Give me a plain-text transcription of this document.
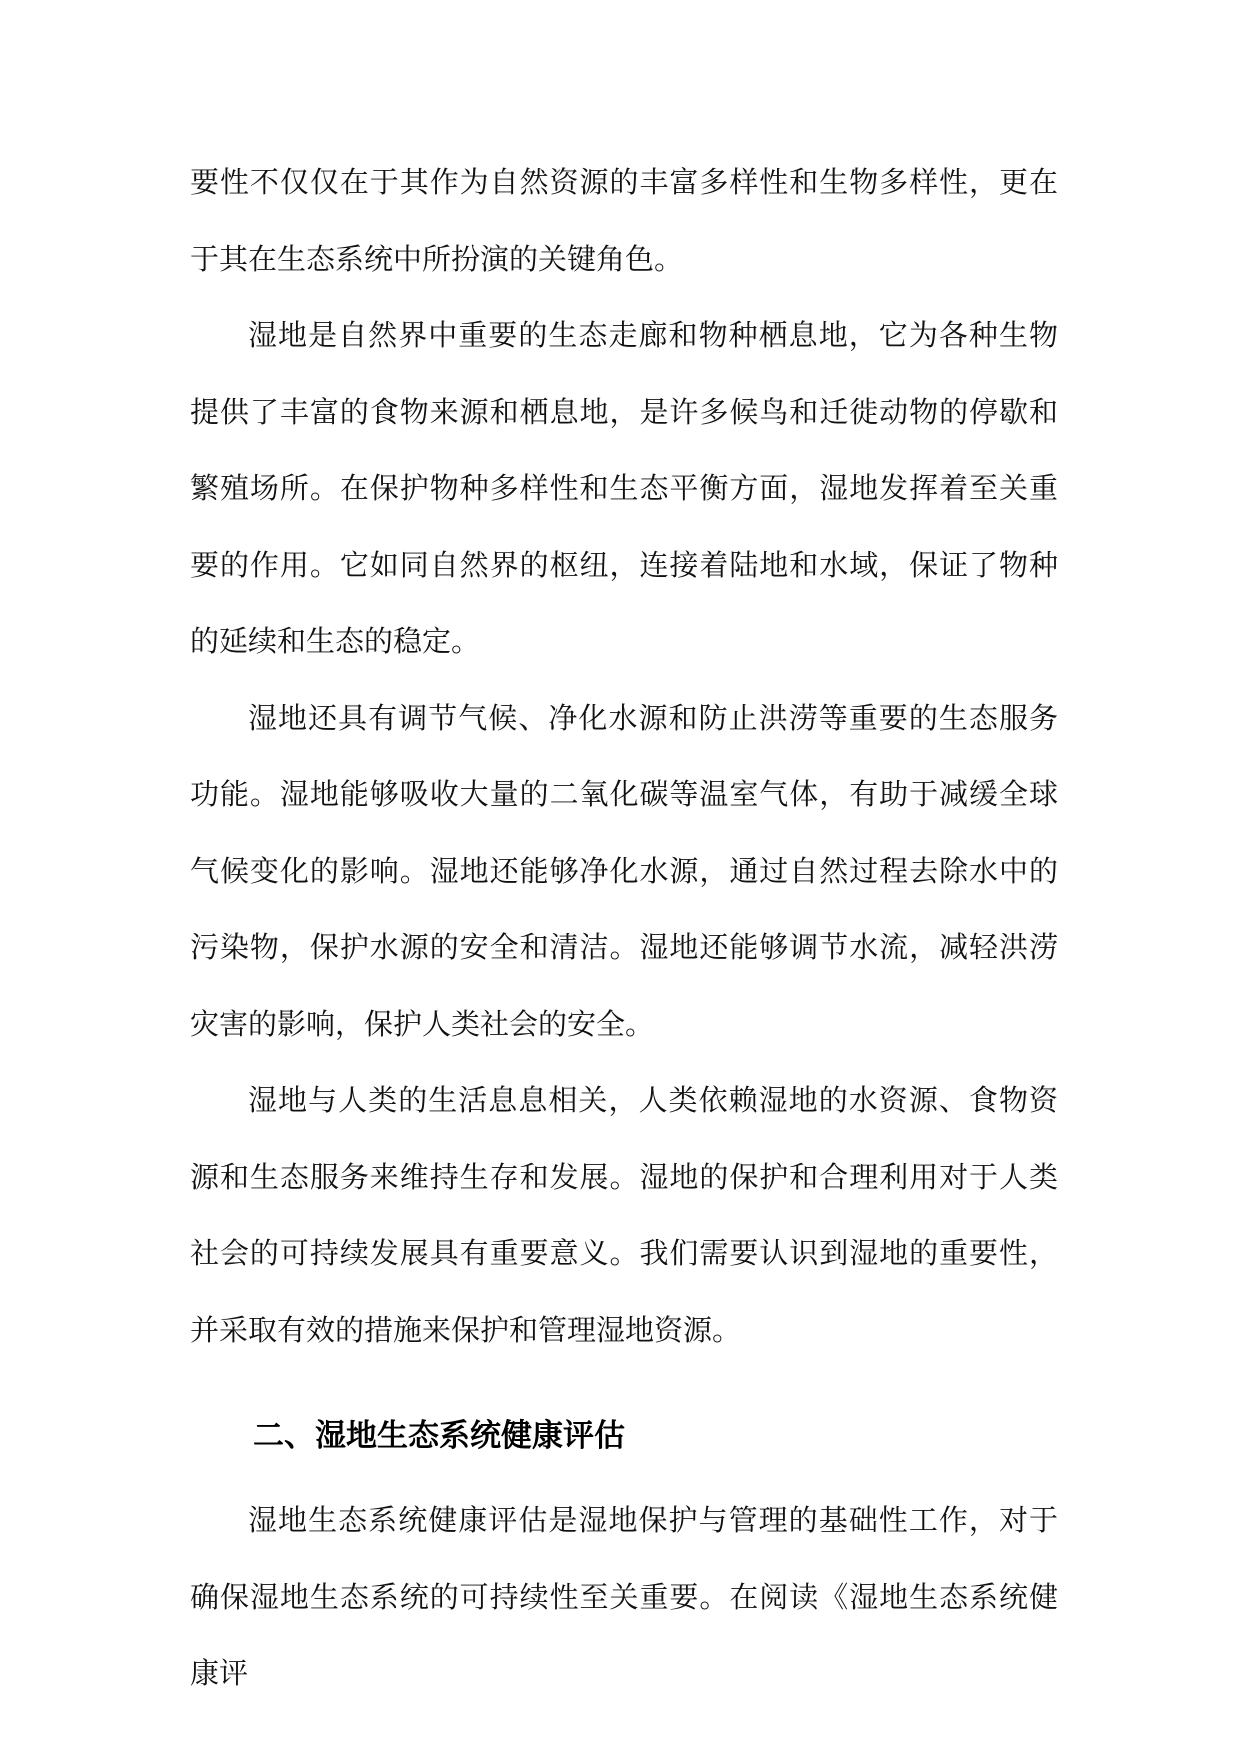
要性不仅仅在于其作为自然资源的丰富多样性和生物多样性，更在于其在生态系统中所扮演的关键角色。

湿地是自然界中重要的生态走廊和物种栖息地，它为各种生物提供了丰富的食物来源和栖息地，是许多候鸟和迁徙动物的停歇和繁殖场所。在保护物种多样性和生态平衡方面，湿地发挥着至关重要的作用。它如同自然界的枢纽，连接着陆地和水域，保证了物种的延续和生态的稳定。

湿地还具有调节气候、净化水源和防止洪涝等重要的生态服务功能。湿地能够吸收大量的二氧化碳等温室气体，有助于减缓全球气候变化的影响。湿地还能够净化水源，通过自然过程去除水中的污染物，保护水源的安全和清洁。湿地还能够调节水流，减轻洪涝灾害的影响，保护人类社会的安全。

湿地与人类的生活息息相关，人类依赖湿地的水资源、食物资源和生态服务来维持生存和发展。湿地的保护和合理利用对于人类社会的可持续发展具有重要意义。我们需要认识到湿地的重要性，并采取有效的措施来保护和管理湿地资源。

二、湿地生态系统健康评估

湿地生态系统健康评估是湿地保护与管理的基础性工作，对于确保湿地生态系统的可持续性至关重要。在阅读《湿地生态系统健康评
